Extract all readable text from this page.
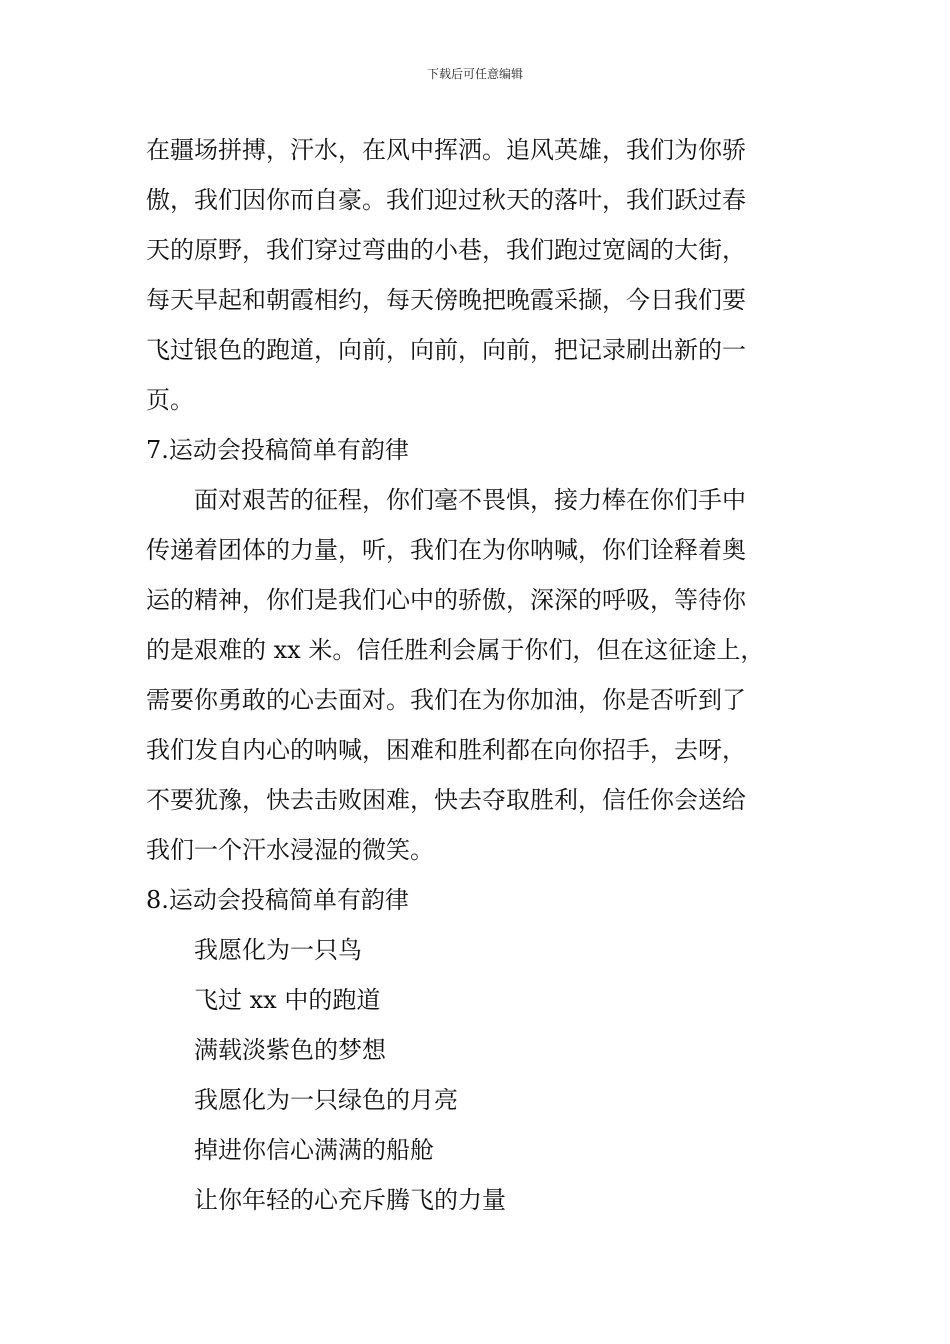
下载后可任意编辑
在疆场拼搏，汗水，在风中挥洒。追风英雄，我们为你骄
傲，我们因你而自豪。我们迎过秋天的落叶，我们跃过春
天的原野，我们穿过弯曲的小巷，我们跑过宽阔的大街，
每天早起和朝霞相约，每天傍晚把晚霞采撷，今日我们要
飞过银色的跑道，向前，向前，向前，把记录刷出新的一
页。
7.运动会投稿简单有韵律
面对艰苦的征程，你们毫不畏惧，接力棒在你们手中
传递着团体的力量，听，我们在为你呐喊，你们诠释着奥
运的精神，你们是我们心中的骄傲，深深的呼吸，等待你
的是艰难的 xx 米。信任胜利会属于你们，但在这征途上，
需要你勇敢的心去面对。我们在为你加油，你是否听到了
我们发自内心的呐喊，困难和胜利都在向你招手，去呀，
不要犹豫，快去击败困难，快去夺取胜利，信任你会送给
我们一个汗水浸湿的微笑。
8.运动会投稿简单有韵律
我愿化为一只鸟
飞过 xx 中的跑道
满载淡紫色的梦想
我愿化为一只绿色的月亮
掉进你信心满满的船舱
让你年轻的心充斥腾飞的力量
